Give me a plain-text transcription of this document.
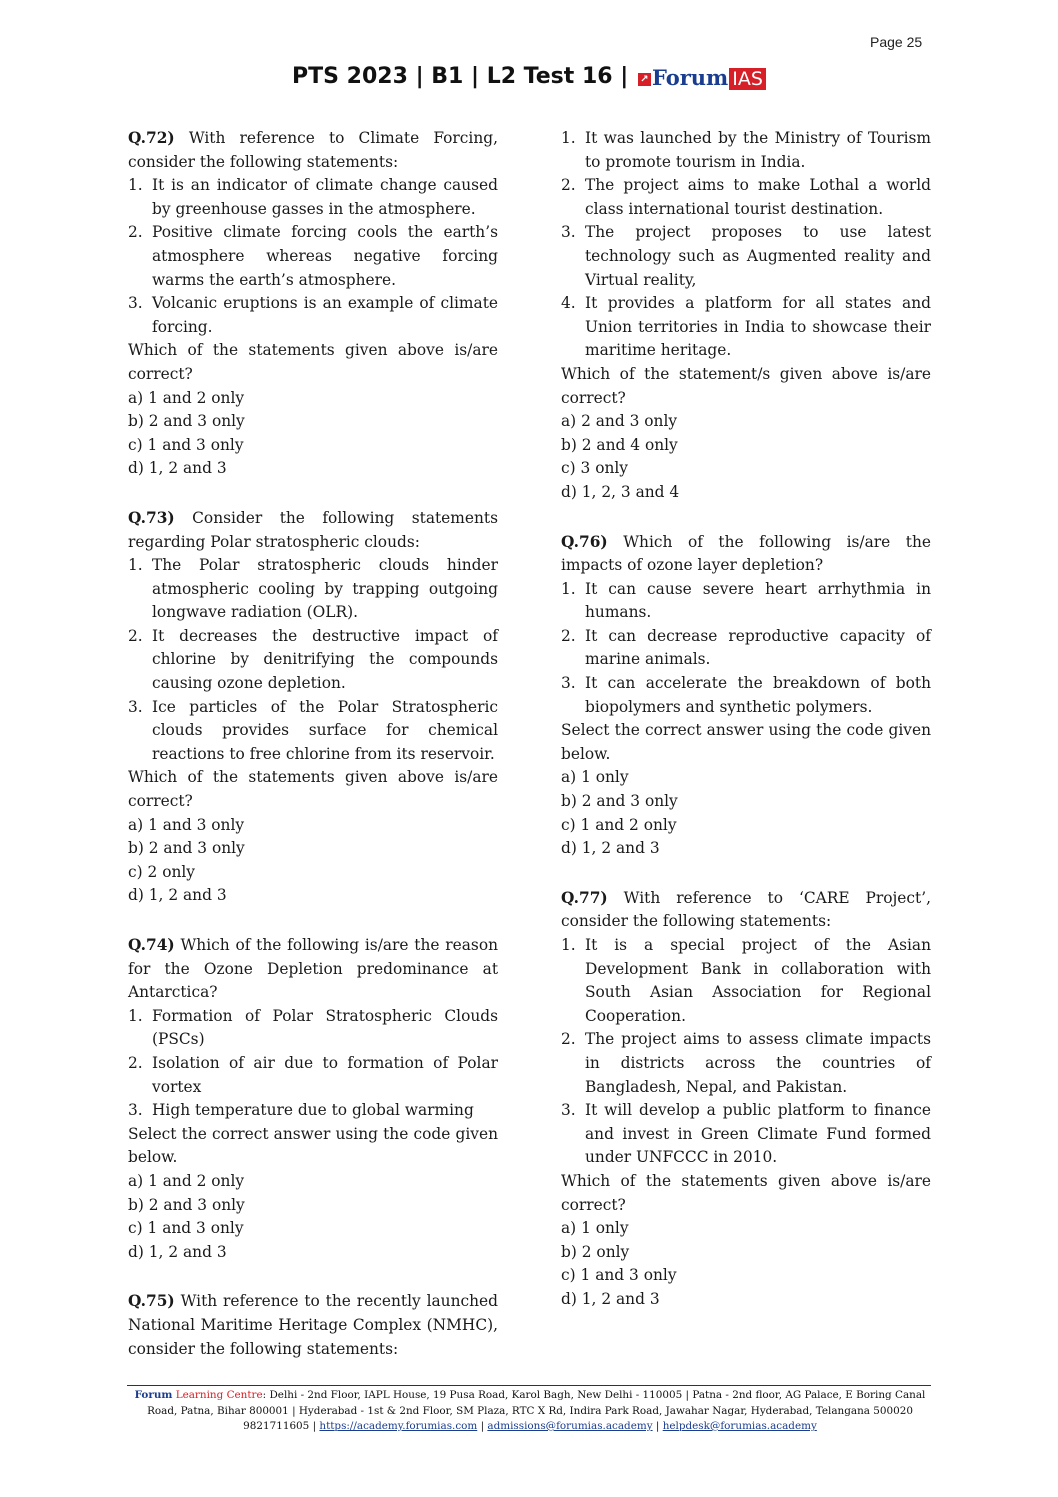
Page 25
PTS 2023 | B1 | L2 Test 16 | ↗ Forum IAS

Q.72) With reference to Climate Forcing, consider the following statements:

1. It is an indicator of climate change caused by greenhouse gasses in the atmosphere.
2. Positive climate forcing cools the earth’s atmosphere whereas negative forcing warms the earth’s atmosphere.
3. Volcanic eruptions is an example of climate forcing.

Which of the statements given above is/are correct?

a) 1 and 2 only

b) 2 and 3 only

c) 1 and 3 only

d) 1, 2 and 3

Q.73) Consider the following statements regarding Polar stratospheric clouds:

1. The Polar stratospheric clouds hinder atmospheric cooling by trapping outgoing longwave radiation (OLR).
2. It decreases the destructive impact of chlorine by denitrifying the compounds causing ozone depletion.
3. Ice particles of the Polar Stratospheric clouds provides surface for chemical reactions to free chlorine from its reservoir.

Which of the statements given above is/are correct?

a) 1 and 3 only

b) 2 and 3 only

c) 2 only

d) 1, 2 and 3

Q.74) Which of the following is/are the reason for the Ozone Depletion predominance at Antarctica?

1. Formation of Polar Stratospheric Clouds (PSCs)
2. Isolation of air due to formation of Polar vortex
3. High temperature due to global warming

Select the correct answer using the code given below.

a) 1 and 2 only

b) 2 and 3 only

c) 1 and 3 only

d) 1, 2 and 3

Q.75) With reference to the recently launched National Maritime Heritage Complex (NMHC), consider the following statements:

1. It was launched by the Ministry of Tourism to promote tourism in India.
2. The project aims to make Lothal a world class international tourist destination.
3. The project proposes to use latest technology such as Augmented reality and Virtual reality,
4. It provides a platform for all states and Union territories in India to showcase their maritime heritage.

Which of the statement/s given above is/are correct?

a) 2 and 3 only

b) 2 and 4 only

c) 3 only

d) 1, 2, 3 and 4

Q.76) Which of the following is/are the impacts of ozone layer depletion?

1. It can cause severe heart arrhythmia in humans.
2. It can decrease reproductive capacity of marine animals.
3. It can accelerate the breakdown of both biopolymers and synthetic polymers.

Select the correct answer using the code given below.

a) 1 only

b) 2 and 3 only

c) 1 and 2 only

d) 1, 2 and 3

Q.77) With reference to ‘CARE Project’, consider the following statements:

1. It is a special project of the Asian Development Bank in collaboration with South Asian Association for Regional Cooperation.
2. The project aims to assess climate impacts in districts across the countries of Bangladesh, Nepal, and Pakistan.
3. It will develop a public platform to finance and invest in Green Climate Fund formed under UNFCCC in 2010.

Which of the statements given above is/are correct?

a) 1 only

b) 2 only

c) 1 and 3 only

d) 1, 2 and 3

Forum Learning Centre: Delhi - 2nd Floor, IAPL House, 19 Pusa Road, Karol Bagh, New Delhi - 110005 | Patna - 2nd floor, AG Palace, E Boring Canal
Road, Patna, Bihar 800001 | Hyderabad - 1st & 2nd Floor, SM Plaza, RTC X Rd, Indira Park Road, Jawahar Nagar, Hyderabad, Telangana 500020
9821711605 | https://academy.forumias.com | admissions@forumias.academy | helpdesk@forumias.academy
